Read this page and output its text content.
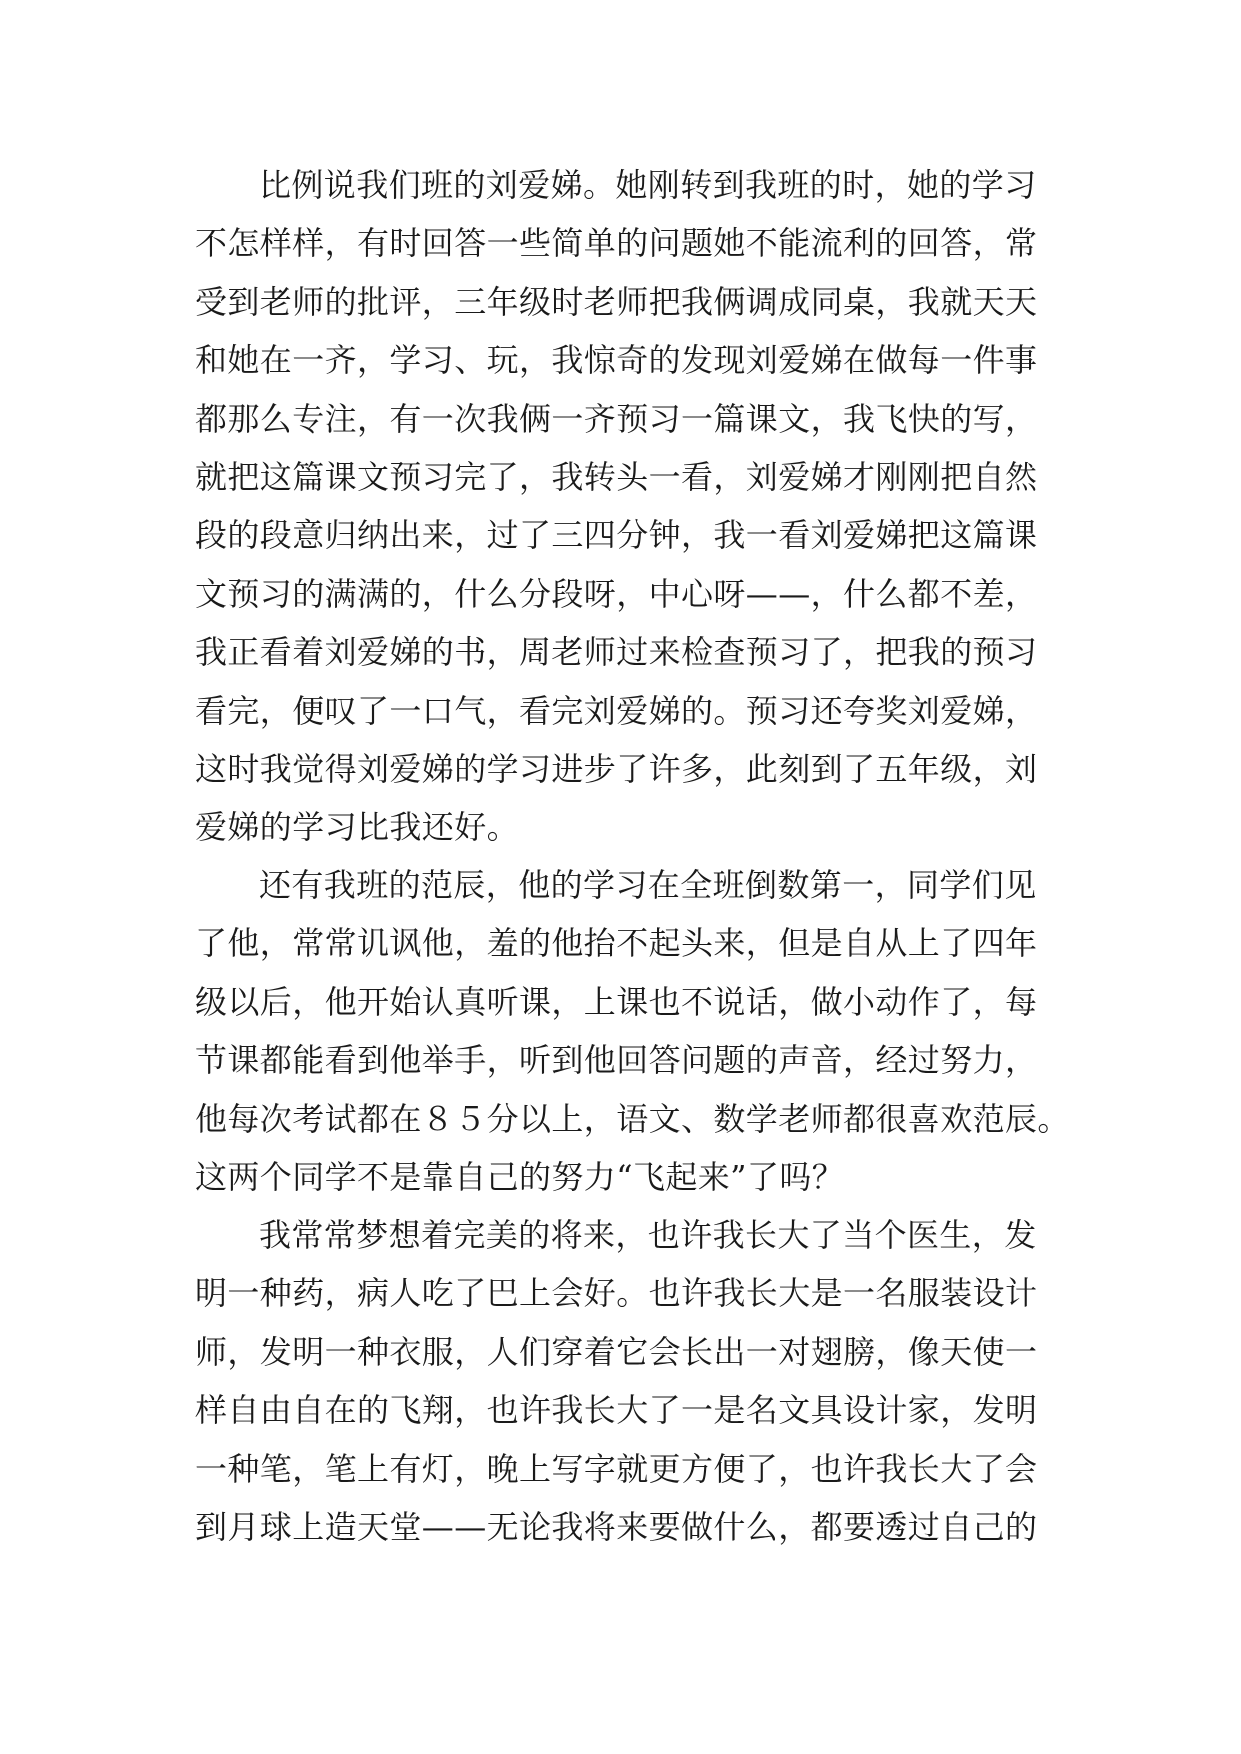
比例说我们班的刘爱娣。她刚转到我班的时，她的学习
不怎样样，有时回答一些简单的问题她不能流利的回答，常
受到老师的批评，三年级时老师把我俩调成同桌，我就天天
和她在一齐，学习、玩，我惊奇的发现刘爱娣在做每一件事
都那么专注，有一次我俩一齐预习一篇课文，我飞快的写，
就把这篇课文预习完了，我转头一看，刘爱娣才刚刚把自然
段的段意归纳出来，过了三四分钟，我一看刘爱娣把这篇课
文预习的满满的，什么分段呀，中心呀——，什么都不差，
我正看着刘爱娣的书，周老师过来检查预习了，把我的预习
看完，便叹了一口气，看完刘爱娣的。预习还夸奖刘爱娣，
这时我觉得刘爱娣的学习进步了许多，此刻到了五年级，刘
爱娣的学习比我还好。
还有我班的范辰，他的学习在全班倒数第一，同学们见
了他，常常讥讽他，羞的他抬不起头来，但是自从上了四年
级以后，他开始认真听课，上课也不说话，做小动作了，每
节课都能看到他举手，听到他回答问题的声音，经过努力，
他每次考试都在８５分以上，语文、数学老师都很喜欢范辰。
这两个同学不是靠自己的努力“飞起来”了吗？
我常常梦想着完美的将来，也许我长大了当个医生，发
明一种药，病人吃了巴上会好。也许我长大是一名服装设计
师，发明一种衣服，人们穿着它会长出一对翅膀，像天使一
样自由自在的飞翔，也许我长大了一是名文具设计家，发明
一种笔，笔上有灯，晚上写字就更方便了，也许我长大了会
到月球上造天堂——无论我将来要做什么，都要透过自己的
